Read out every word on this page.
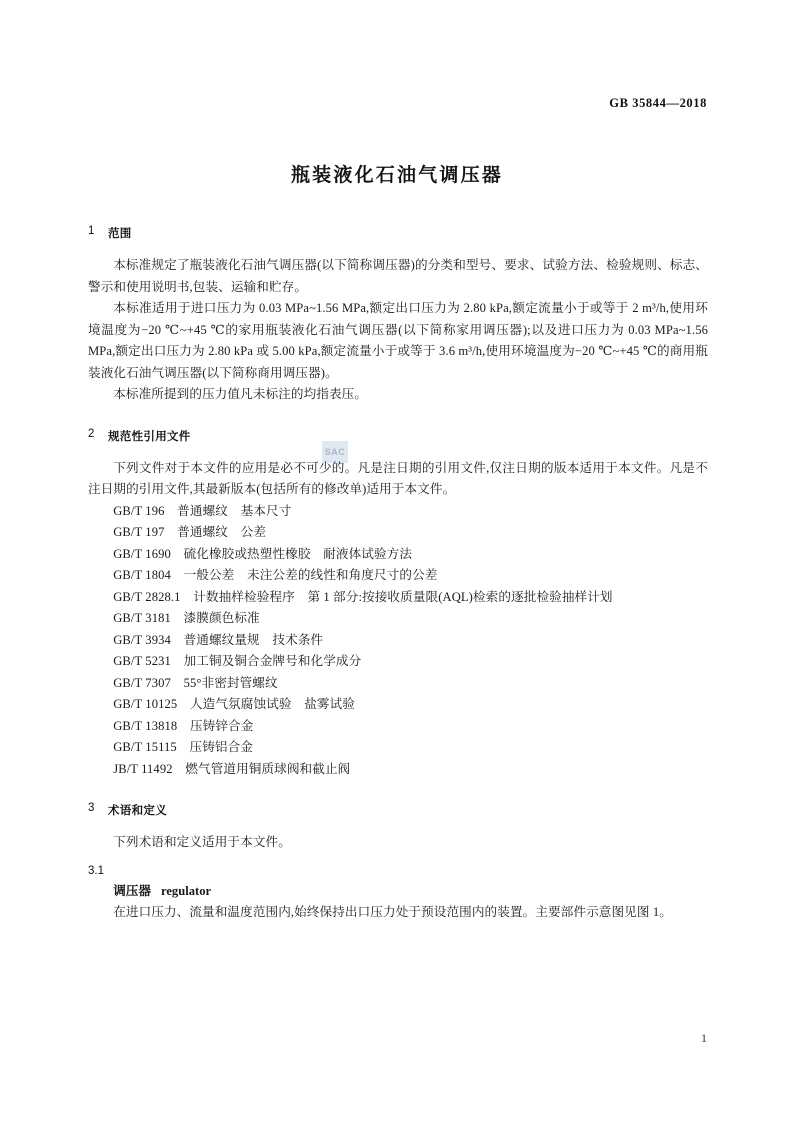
GB 35844—2018
瓶装液化石油气调压器
SAC
1	范围

本标准规定了瓶装液化石油气调压器(以下简称调压器)的分类和型号、要求、试验方法、检验规则、标志、警示和使用说明书,包装、运输和贮存。

本标准适用于进口压力为 0.03 MPa~1.56 MPa,额定出口压力为 2.80 kPa,额定流量小于或等于 2 m³/h,使用环境温度为−20 ℃~+45 ℃的家用瓶装液化石油气调压器(以下简称家用调压器);以及进口压力为 0.03 MPa~1.56 MPa,额定出口压力为 2.80 kPa 或 5.00 kPa,额定流量小于或等于 3.6 m³/h,使用环境温度为−20 ℃~+45 ℃的商用瓶装液化石油气调压器(以下简称商用调压器)。

本标准所提到的压力值凡未标注的均指表压。

2	规范性引用文件

下列文件对于本文件的应用是必不可少的。凡是注日期的引用文件,仅注日期的版本适用于本文件。凡是不注日期的引用文件,其最新版本(包括所有的修改单)适用于本文件。

GB/T 196　普通螺纹　基本尺寸
GB/T 197　普通螺纹　公差
GB/T 1690　硫化橡胶或热塑性橡胶　耐液体试验方法
GB/T 1804　一般公差　未注公差的线性和角度尺寸的公差
GB/T 2828.1　计数抽样检验程序　第 1 部分:按接收质量限(AQL)检索的逐批检验抽样计划
GB/T 3181　漆膜颜色标准
GB/T 3934　普通螺纹量规　技术条件
GB/T 5231　加工铜及铜合金牌号和化学成分
GB/T 7307　55°非密封管螺纹
GB/T 10125　人造气氛腐蚀试验　盐雾试验
GB/T 13818　压铸锌合金
GB/T 15115　压铸铝合金
JB/T 11492　燃气管道用铜质球阀和截止阀
3	术语和定义

下列术语和定义适用于本文件。

3.1

调压器 regulator

在进口压力、流量和温度范围内,始终保持出口压力处于预设范围内的装置。主要部件示意图见图 1。

1
